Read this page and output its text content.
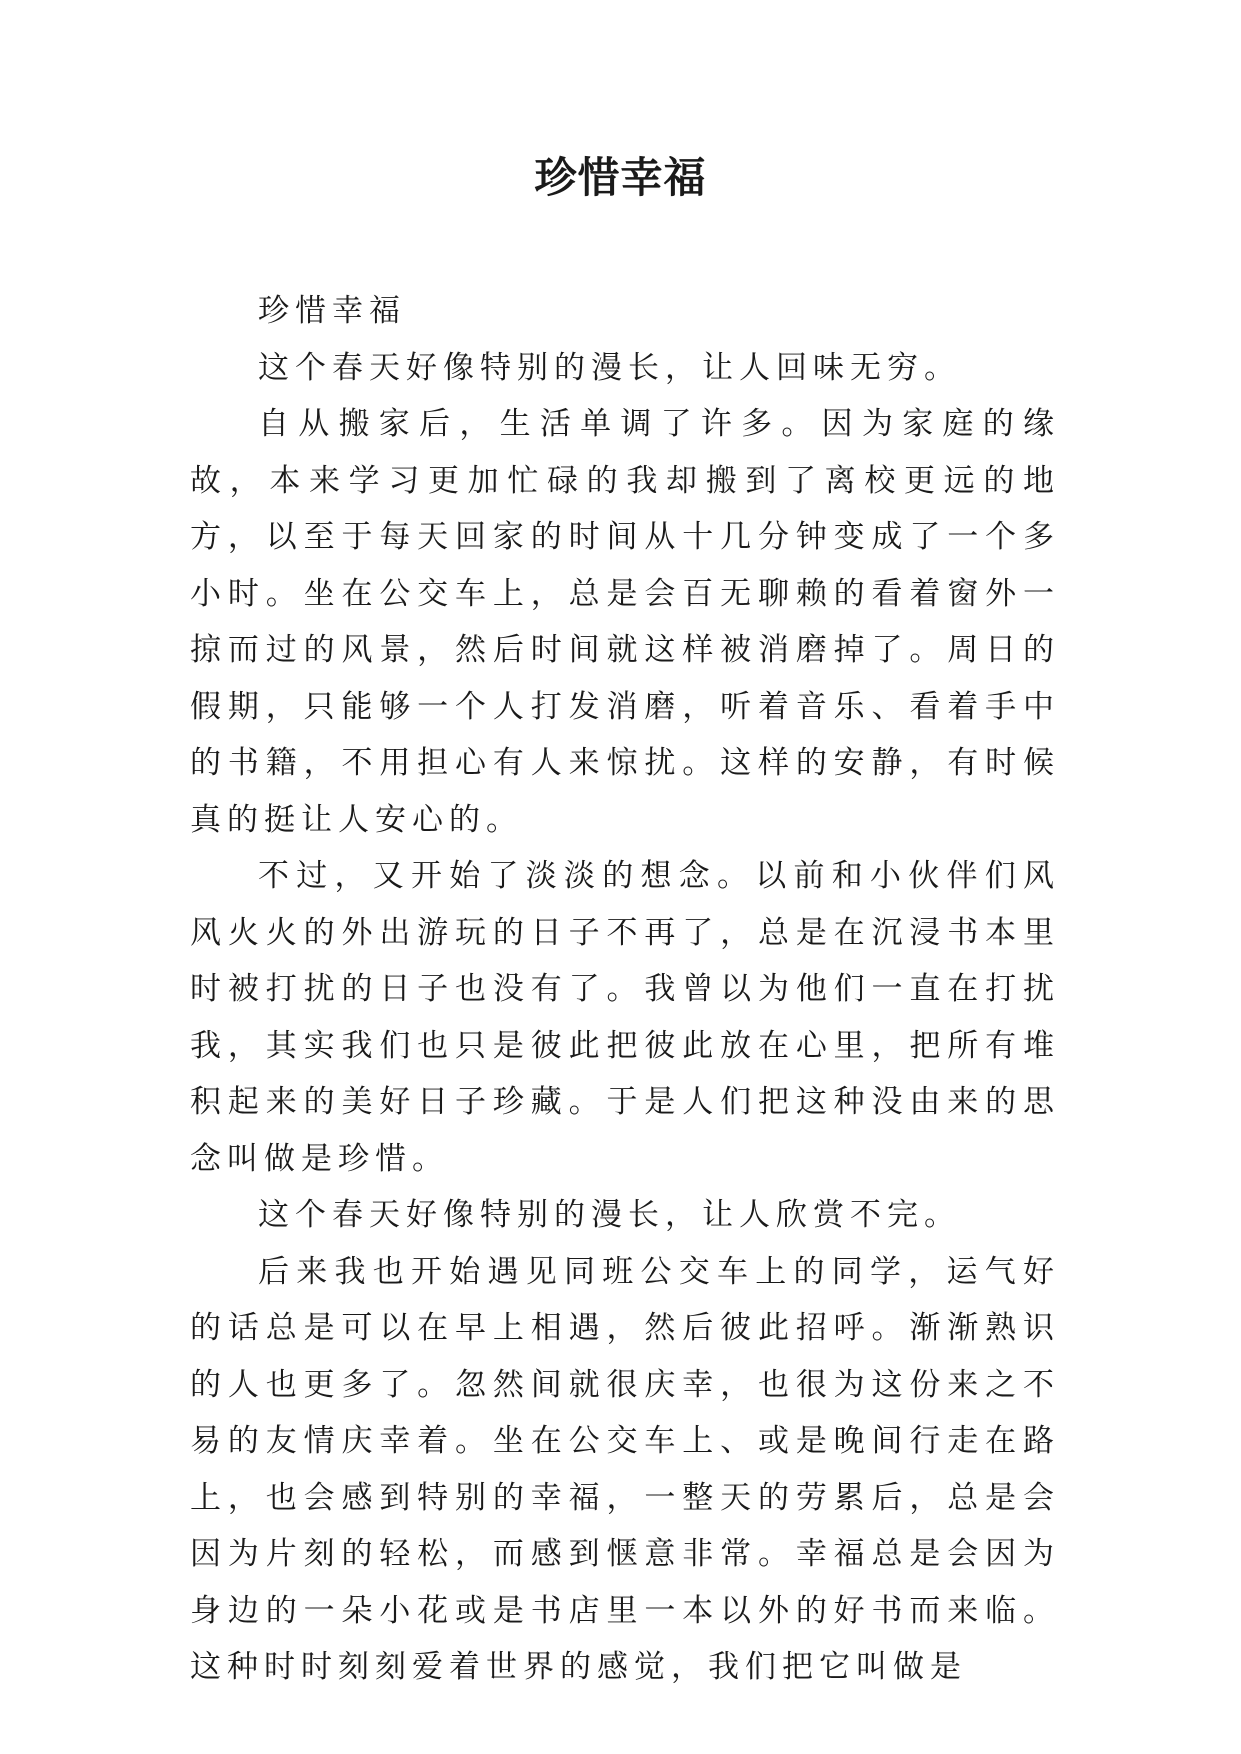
珍惜幸福

珍惜幸福

这个春天好像特别的漫长，让人回味无穷。

自从搬家后，生活单调了许多。因为家庭的缘故，本来学习更加忙碌的我却搬到了离校更远的地方，以至于每天回家的时间从十几分钟变成了一个多小时。坐在公交车上，总是会百无聊赖的看着窗外一掠而过的风景，然后时间就这样被消磨掉了。周日的假期，只能够一个人打发消磨，听着音乐、看着手中的书籍，不用担心有人来惊扰。这样的安静，有时候真的挺让人安心的。

不过，又开始了淡淡的想念。以前和小伙伴们风风火火的外出游玩的日子不再了，总是在沉浸书本里时被打扰的日子也没有了。我曾以为他们一直在打扰我，其实我们也只是彼此把彼此放在心里，把所有堆积起来的美好日子珍藏。于是人们把这种没由来的思念叫做是珍惜。

这个春天好像特别的漫长，让人欣赏不完。

后来我也开始遇见同班公交车上的同学，运气好的话总是可以在早上相遇，然后彼此招呼。渐渐熟识的人也更多了。忽然间就很庆幸，也很为这份来之不易的友情庆幸着。坐在公交车上、或是晚间行走在路上，也会感到特别的幸福，一整天的劳累后，总是会因为片刻的轻松，而感到惬意非常。幸福总是会因为身边的一朵小花或是书店里一本以外的好书而来临。这种时时刻刻爱着世界的感觉，我们把它叫做是
